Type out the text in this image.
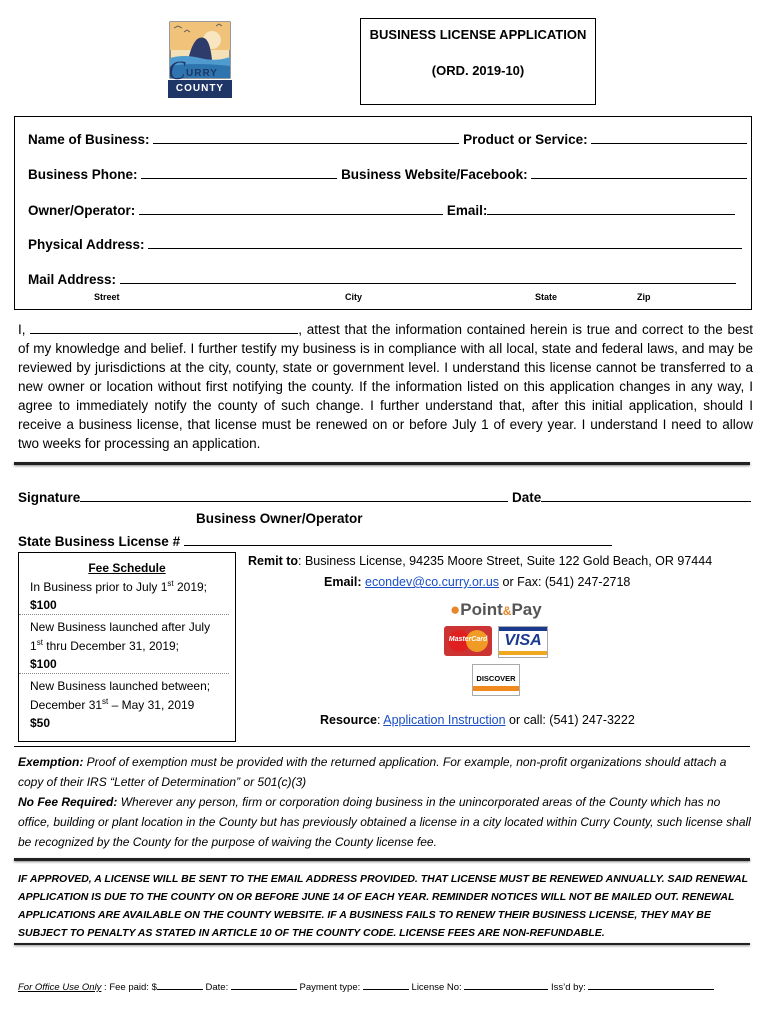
C URRY
COUNTY
BUSINESS LICENSE APPLICATION
(ORD. 2019-10)
Name of Business:	Product or Service:
Business Phone:	Business Website/Facebook:
Owner/Operator:	Email:
Physical Address:
Mail Address:
Street	City	State	Zip
I,	, attest that the information contained herein is true and correct to the best of my knowledge and belief. I further testify my business is in compliance with all local, state and federal laws, and may be reviewed by jurisdictions at the city, county, state or government level. I understand this license cannot be transferred to a new owner or location without first notifying the county. If the information listed on this application changes in any way, I agree to immediately notify the county of such change. I further understand that, after this initial application, should I receive a business license, that license must be renewed on or before July 1 of every year. I understand I need to allow two weeks for processing an application.
Signature	Date
Business Owner/Operator
State Business License #
Fee Schedule
In Business prior to July 1st 2019;
$100
New Business launched after July
1st thru December 31, 2019;
$100
New Business launched between;
December 31st – May 31, 2019
$50
Remit to: Business License, 94235 Moore Street, Suite 122 Gold Beach, OR 97444
Email: econdev@co.curry.or.us or Fax: (541) 247-2718
●Point&Pay
MasterCard	VISA
DISCOVER
Resource: Application Instruction or call: (541) 247-3222
Exemption: Proof of exemption must be provided with the returned application. For example, non-profit organizations should attach a copy of their IRS “Letter of Determination” or 501(c)(3)
No Fee Required: Wherever any person, firm or corporation doing business in the unincorporated areas of the County which has no office, building or plant location in the County but has previously obtained a license in a city located within Curry County, such license shall be recognized by the County for the purpose of waiving the County license fee.
IF APPROVED, A LICENSE WILL BE SENT TO THE EMAIL ADDRESS PROVIDED. THAT LICENSE MUST BE RENEWED ANNUALLY. SAID RENEWAL APPLICATION IS DUE TO THE COUNTY ON OR BEFORE JUNE 14 OF EACH YEAR. REMINDER NOTICES WILL NOT BE MAILED OUT. RENEWAL APPLICATIONS ARE AVAILABLE ON THE COUNTY WEBSITE. IF A BUSINESS FAILS TO RENEW THEIR BUSINESS LICENSE, THEY MAY BE SUBJECT TO PENALTY AS STATED IN ARTICLE 10 OF THE COUNTY CODE. LICENSE FEES ARE NON-REFUNDABLE.
For Office Use Only : Fee paid: $	Date:	Payment type:	License No:	Iss’d by:
